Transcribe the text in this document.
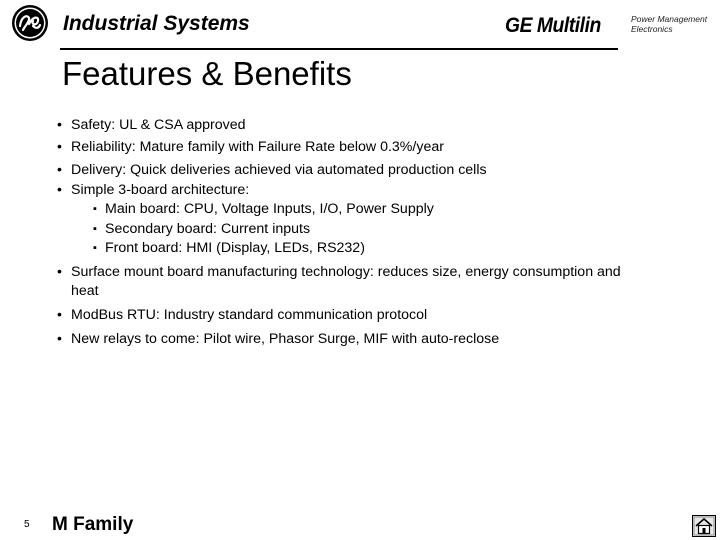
Industrial Systems	GE Multilin	Power Management
Electronics
Features & Benefits
• Safety: UL & CSA approved
• Reliability: Mature family with Failure Rate below 0.3%/year
• Delivery: Quick deliveries achieved via automated production cells
• Simple 3-board architecture:
▪ Main board: CPU, Voltage Inputs, I/O, Power Supply
▪ Secondary board: Current inputs
▪ Front board: HMI (Display, LEDs, RS232)
• Surface mount board manufacturing technology: reduces size, energy consumption and
heat
• ModBus RTU: Industry standard communication protocol
• New relays to come: Pilot wire, Phasor Surge, MIF with auto-reclose
5 M Family
